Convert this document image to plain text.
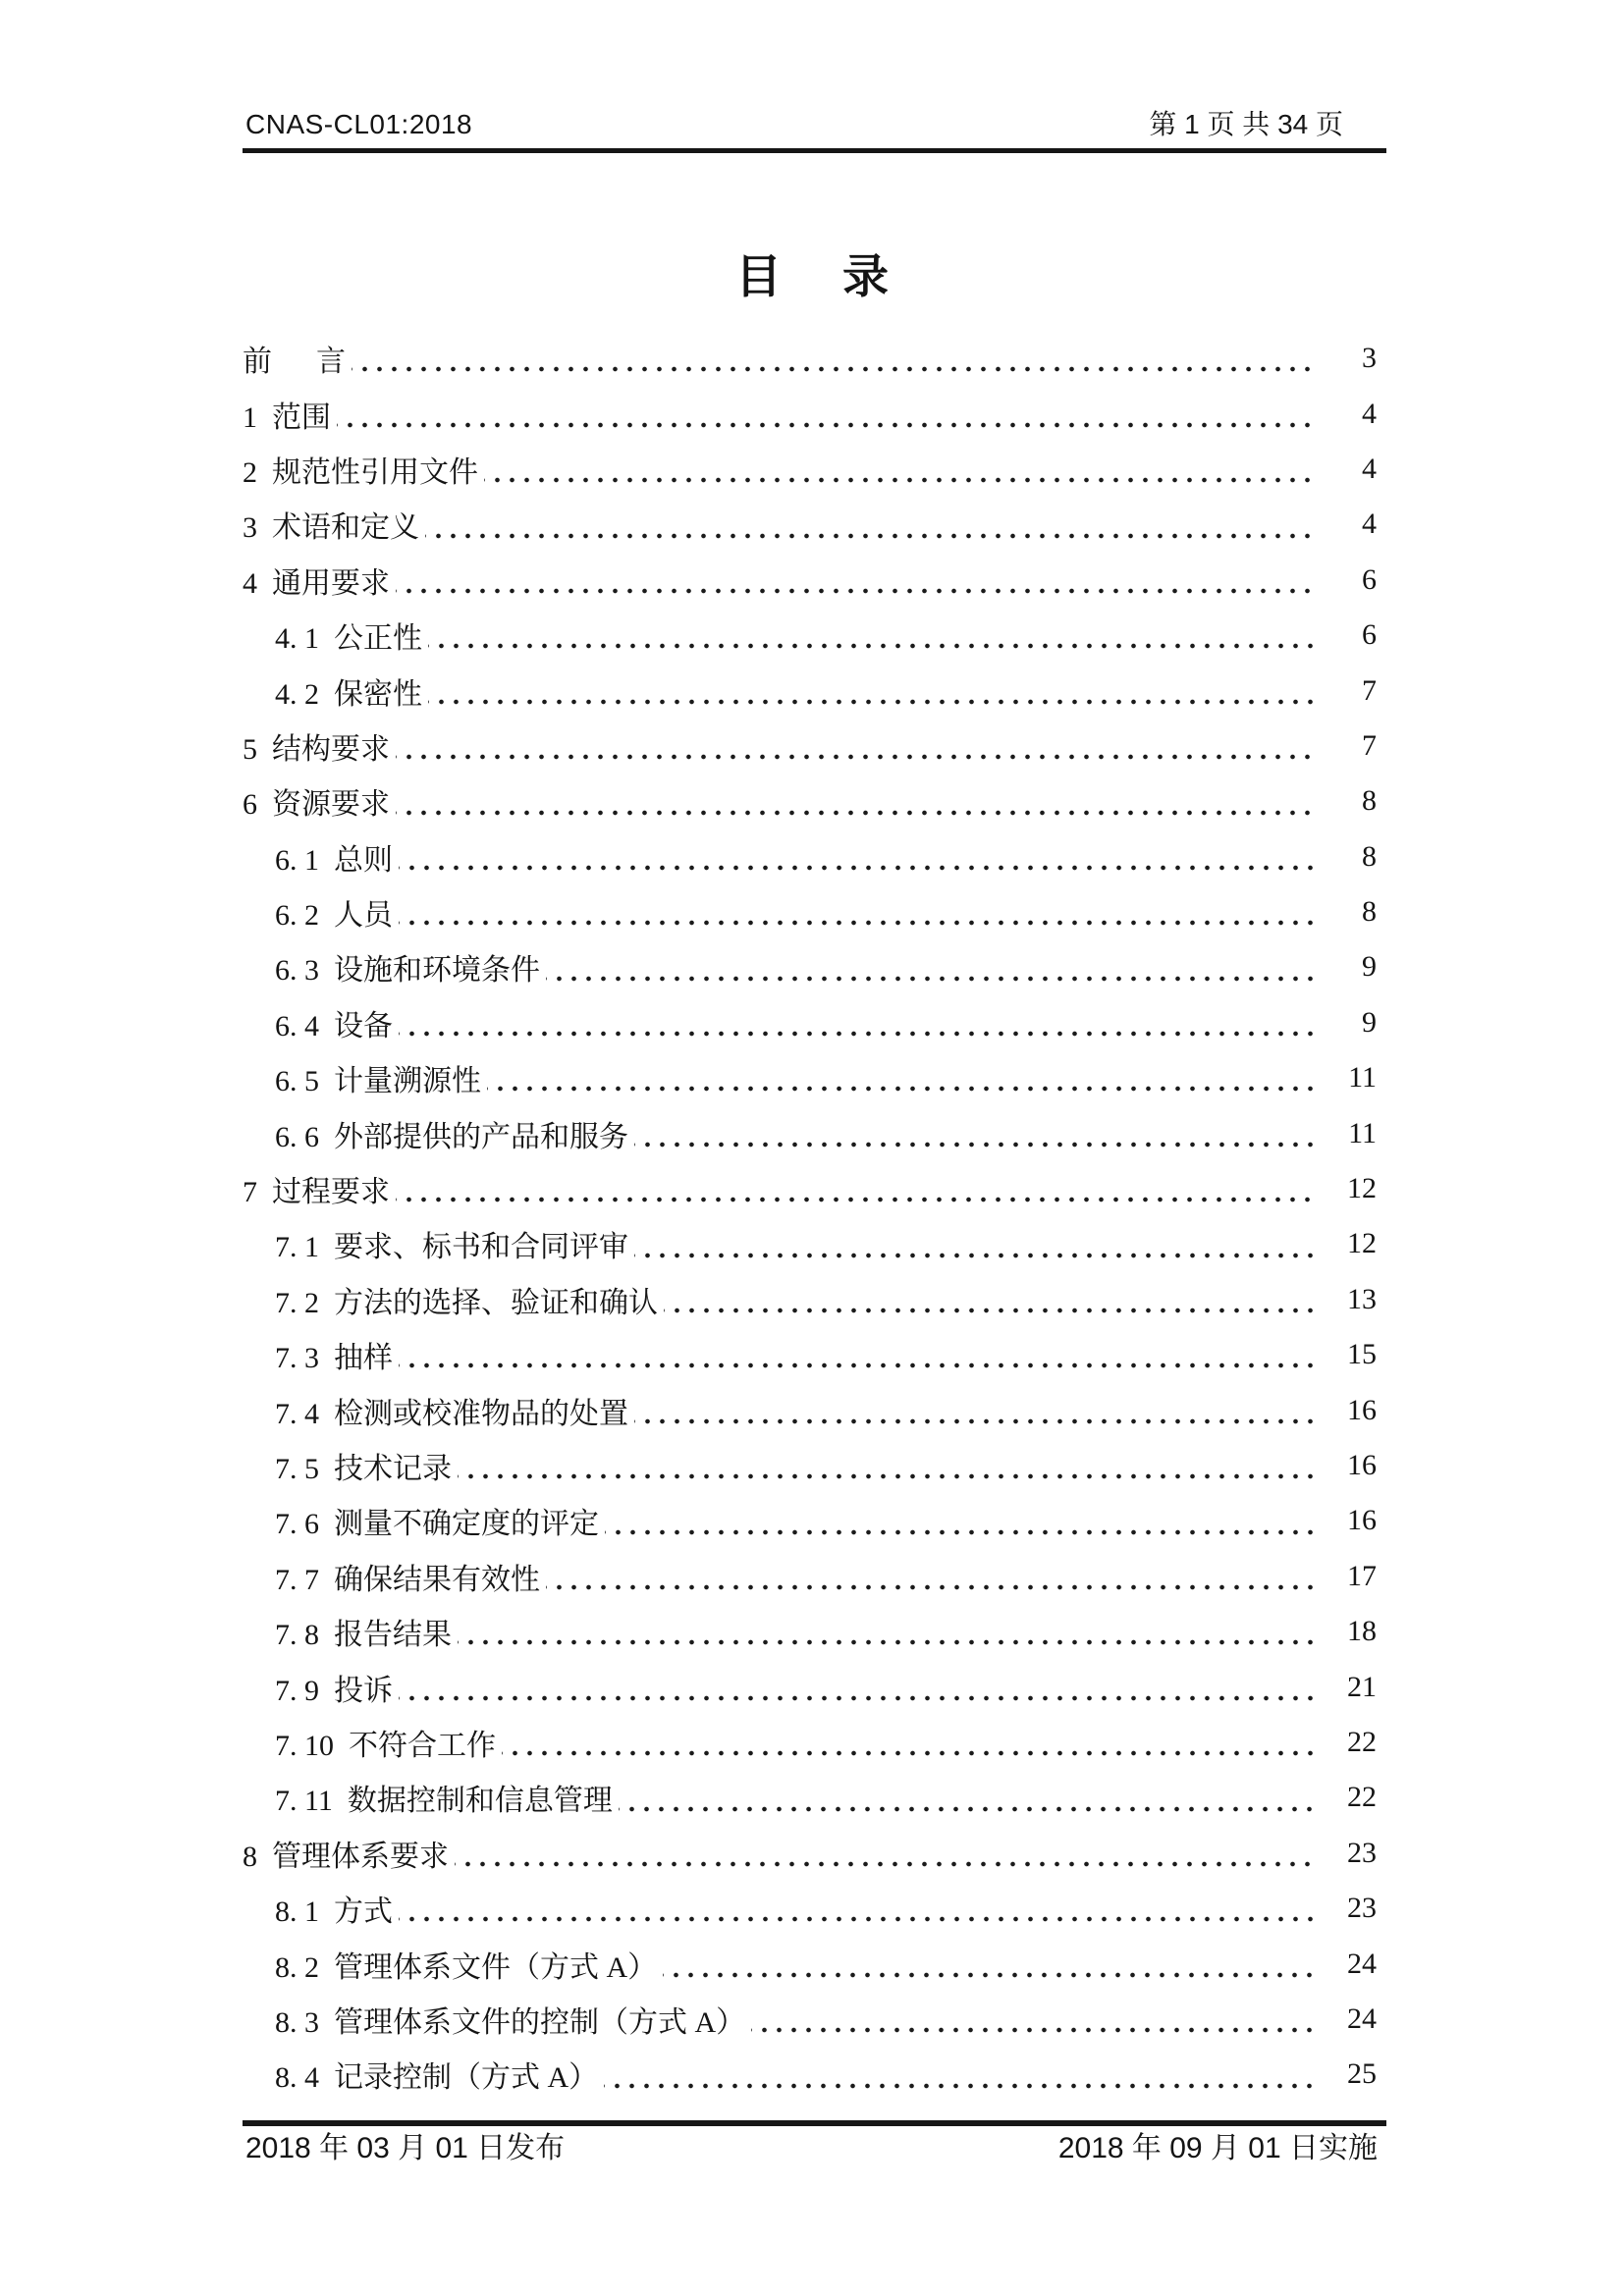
CNAS-CL01:2018	第 1 页 共 34 页
目  录
前      言	3
1  范围	4
2  规范性引用文件	4
3  术语和定义	4
4  通用要求	6
4. 1  公正性	6
4. 2  保密性	7
5  结构要求	7
6  资源要求	8
6. 1  总则	8
6. 2  人员	8
6. 3  设施和环境条件	9
6. 4  设备	9
6. 5  计量溯源性	11
6. 6  外部提供的产品和服务	11
7  过程要求	12
7. 1  要求、标书和合同评审	12
7. 2  方法的选择、验证和确认	13
7. 3  抽样	15
7. 4  检测或校准物品的处置	16
7. 5  技术记录	16
7. 6  测量不确定度的评定	16
7. 7  确保结果有效性	17
7. 8  报告结果	18
7. 9  投诉	21
7. 10  不符合工作	22
7. 11  数据控制和信息管理	22
8  管理体系要求	23
8. 1  方式	23
8. 2  管理体系文件（方式 A）	24
8. 3  管理体系文件的控制（方式 A）	24
8. 4  记录控制（方式 A）	25
2018 年 03 月 01 日发布	2018 年 09 月 01 日实施
